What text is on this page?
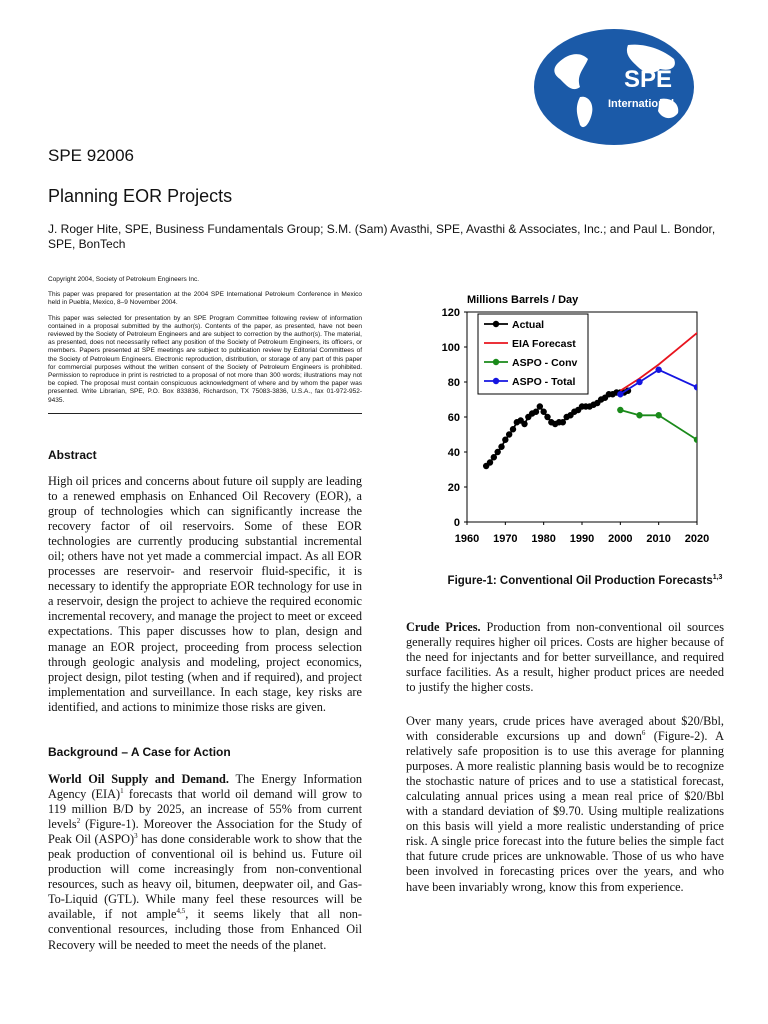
SPE
International
SPE 92006
Planning EOR Projects
J. Roger Hite, SPE, Business Fundamentals Group; S.M. (Sam) Avasthi, SPE, Avasthi & Associates, Inc.; and Paul L. Bondor, SPE, BonTech

Copyright 2004, Society of Petroleum Engineers Inc.

This paper was prepared for presentation at the 2004 SPE International Petroleum Conference in Mexico held in Puebla, Mexico, 8–9 November 2004.

This paper was selected for presentation by an SPE Program Committee following review of information contained in a proposal submitted by the author(s). Contents of the paper, as presented, have not been reviewed by the Society of Petroleum Engineers and are subject to correction by the author(s). The material, as presented, does not necessarily reflect any position of the Society of Petroleum Engineers, its officers, or members. Papers presented at SPE meetings are subject to publication review by Editorial Committees of the Society of Petroleum Engineers. Electronic reproduction, distribution, or storage of any part of this paper for commercial purposes without the written consent of the Society of Petroleum Engineers is prohibited. Permission to reproduce in print is restricted to a proposal of not more than 300 words; illustrations may not be copied. The proposal must contain conspicuous acknowledgment of where and by whom the paper was presented. Write Librarian, SPE, P.O. Box 833836, Richardson, TX 75083-3836, U.S.A., fax 01-972-952-9435.

Abstract

High oil prices and concerns about future oil supply are leading to a renewed emphasis on Enhanced Oil Recovery (EOR), a group of technologies which can significantly increase the recovery factor of oil reservoirs. Some of these EOR technologies are currently producing substantial incremental oil; others have not yet made a commercial impact. As all EOR processes are reservoir- and reservoir fluid-specific, it is necessary to identify the appropriate EOR technology for use in a reservoir, design the project to achieve the required economic incremental recovery, and manage the project to meet or exceed expectations. This paper discusses how to plan, design and manage an EOR project, proceeding from process selection through geologic analysis and modeling, project economics, project design, pilot testing (when and if required), and project implementation and surveillance. In each stage, key risks are identified, and actions to minimize those risks are given.

Background – A Case for Action

World Oil Supply and Demand. The Energy Information Agency (EIA)$^1$ forecasts that world oil demand will grow to 119 million B/D by 2025, an increase of 55% from current levels$^2$ (Figure-1). Moreover the Association for the Study of Peak Oil (ASPO)$^3$ has done considerable work to show that the peak production of conventional oil is behind us. Future oil production will come increasingly from non-conventional resources, such as heavy oil, bitumen, deepwater oil, and Gas-To-Liquid (GTL). While many feel these resources will be available, if not ample$^{4,5}$, it seems likely that all non-conventional resources, including those from Enhanced Oil Recovery will be needed to meet the needs of the planet.

Millions Barrels / Day
0
20
40
60
80
100
120
1960 1970 1980 1990 2000 2010 2020
Actual
EIA Forecast
ASPO - Conv
ASPO - Total
Figure-1: Conventional Oil Production Forecasts$^{1,3}$

Crude Prices. Production from non-conventional oil sources generally requires higher oil prices. Costs are higher because of the need for injectants and for better surveillance, and required surface facilities. As a result, higher product prices are needed to justify the higher costs.

Over many years, crude prices have averaged about $20/Bbl, with considerable excursions up and down$^6$ (Figure-2). A relatively safe proposition is to use this average for planning purposes. A more realistic planning basis would be to recognize the stochastic nature of prices and to use a statistical forecast, calculating annual prices using a mean real price of $20/Bbl with a standard deviation of $9.70. Using multiple realizations on this basis will yield a more realistic understanding of price risk. A single price forecast into the future belies the simple fact that future crude prices are unknowable. Those of us who have been involved in forecasting prices over the years, and who have been invariably wrong, know this from experience.
